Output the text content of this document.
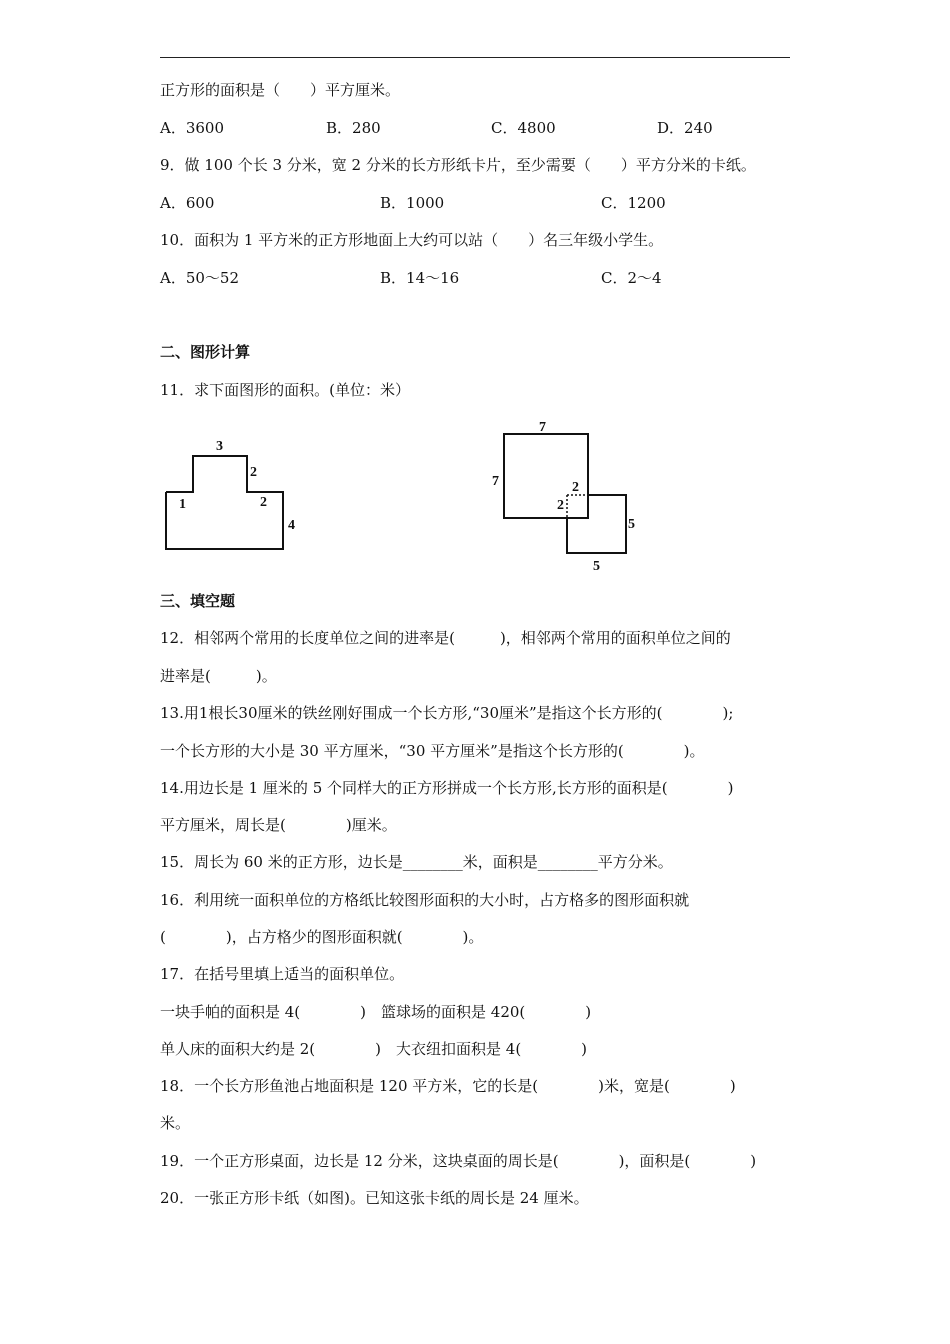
正方形的面积是（　　）平方厘米。
A．3600	B．280	C．4800	D．240
9．做 100 个长 3 分米，宽 2 分米的长方形纸卡片，至少需要（　　）平方分米的卡纸。
A．600	B．1000	C．1200
10．面积为 1 平方米的正方形地面上大约可以站（　　）名三年级小学生。
A．50～52	B．14～16	C．2～4
二、图形计算
11．求下面图形的面积。(单位：米）
3
2
1	2
4
7
7	2
2
5
5
三、填空题
12．相邻两个常用的长度单位之间的进率是(　　　)，相邻两个常用的面积单位之间的
进率是(　　　)。
13.用1根长30厘米的铁丝刚好围成一个长方形,“30厘米”是指这个长方形的(　　　　);
一个长方形的大小是 30 平方厘米，“30 平方厘米”是指这个长方形的(　　　　)。
14.用边长是 1 厘米的 5 个同样大的正方形拼成一个长方形,长方形的面积是(　　　　)
平方厘米，周长是(　　　　)厘米。
15．周长为 60 米的正方形，边长是________米，面积是________平方分米。
16．利用统一面积单位的方格纸比较图形面积的大小时，占方格多的图形面积就
(　　　　)，占方格少的图形面积就(　　　　)。
17．在括号里填上适当的面积单位。
一块手帕的面积是 4(　　　　)　篮球场的面积是 420(　　　　)
单人床的面积大约是 2(　　　　)　大衣纽扣面积是 4(　　　　)
18．一个长方形鱼池占地面积是 120 平方米，它的长是(　　　　)米，宽是(　　　　)
米。
19．一个正方形桌面，边长是 12 分米，这块桌面的周长是(　　　　)，面积是(　　　　)
20．一张正方形卡纸（如图)。已知这张卡纸的周长是 24 厘米。
